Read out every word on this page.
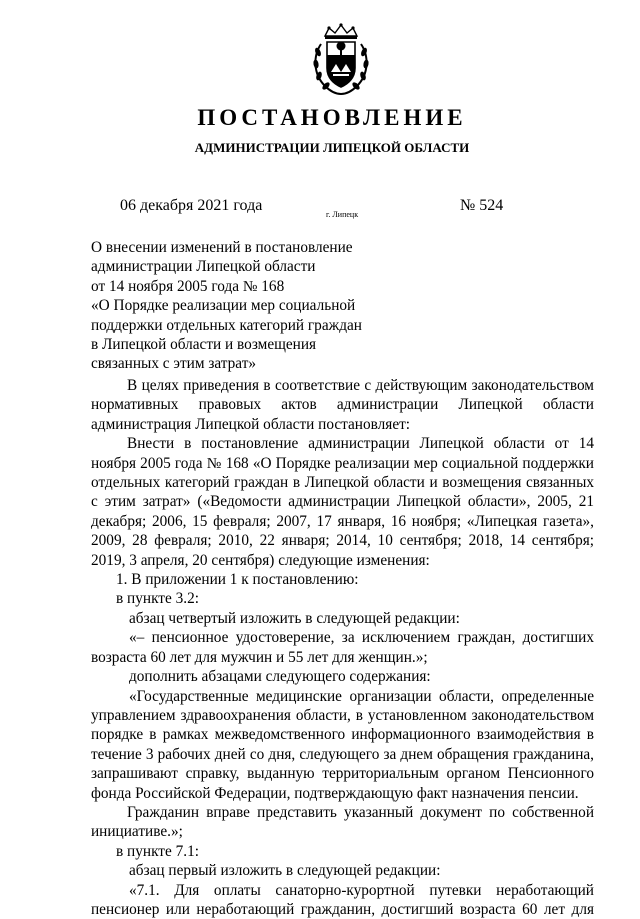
ПОСТАНОВЛЕНИЕ
АДМИНИСТРАЦИИ ЛИПЕЦКОЙ ОБЛАСТИ
06 декабря 2021 года
г. Липецк
№ 524
О внесении изменений в постановление
администрации Липецкой области
от 14 ноября 2005 года № 168
«О Порядке реализации мер социальной
поддержки отдельных категорий граждан
в Липецкой области и возмещения
связанных с этим затрат»

В целях приведения в соответствие с действующим законодательством нормативных правовых актов администрации Липецкой области администрация Липецкой области постановляет:

Внести в постановление администрации Липецкой области от 14 ноября 2005 года № 168 «О Порядке реализации мер социальной поддержки отдельных категорий граждан в Липецкой области и возмещения связанных с этим затрат» («Ведомости администрации Липецкой области», 2005, 21 декабря; 2006, 15 февраля; 2007, 17 января, 16 ноября; «Липецкая газета», 2009, 28 февраля; 2010, 22 января; 2014, 10 сентября; 2018, 14 сентября; 2019, 3 апреля, 20 сентября) следующие изменения:

1. В приложении 1 к постановлению:

в пункте 3.2:

абзац четвертый изложить в следующей редакции:

«– пенсионное удостоверение, за исключением граждан, достигших возраста 60 лет для мужчин и 55 лет для женщин.»;

дополнить абзацами следующего содержания:

«Государственные медицинские организации области, определенные управлением здравоохранения области, в установленном законодательством порядке в рамках межведомственного информационного взаимодействия в течение 3 рабочих дней со дня, следующего за днем обращения гражданина, запрашивают справку, выданную территориальным органом Пенсионного фонда Российской Федерации, подтверждающую факт назначения пенсии.

Гражданин вправе представить указанный документ по собственной инициативе.»;

в пункте 7.1:

абзац первый изложить в следующей редакции:

«7.1. Для оплаты санаторно-курортной путевки неработающий пенсионер или неработающий гражданин, достигший возраста 60 лет для
